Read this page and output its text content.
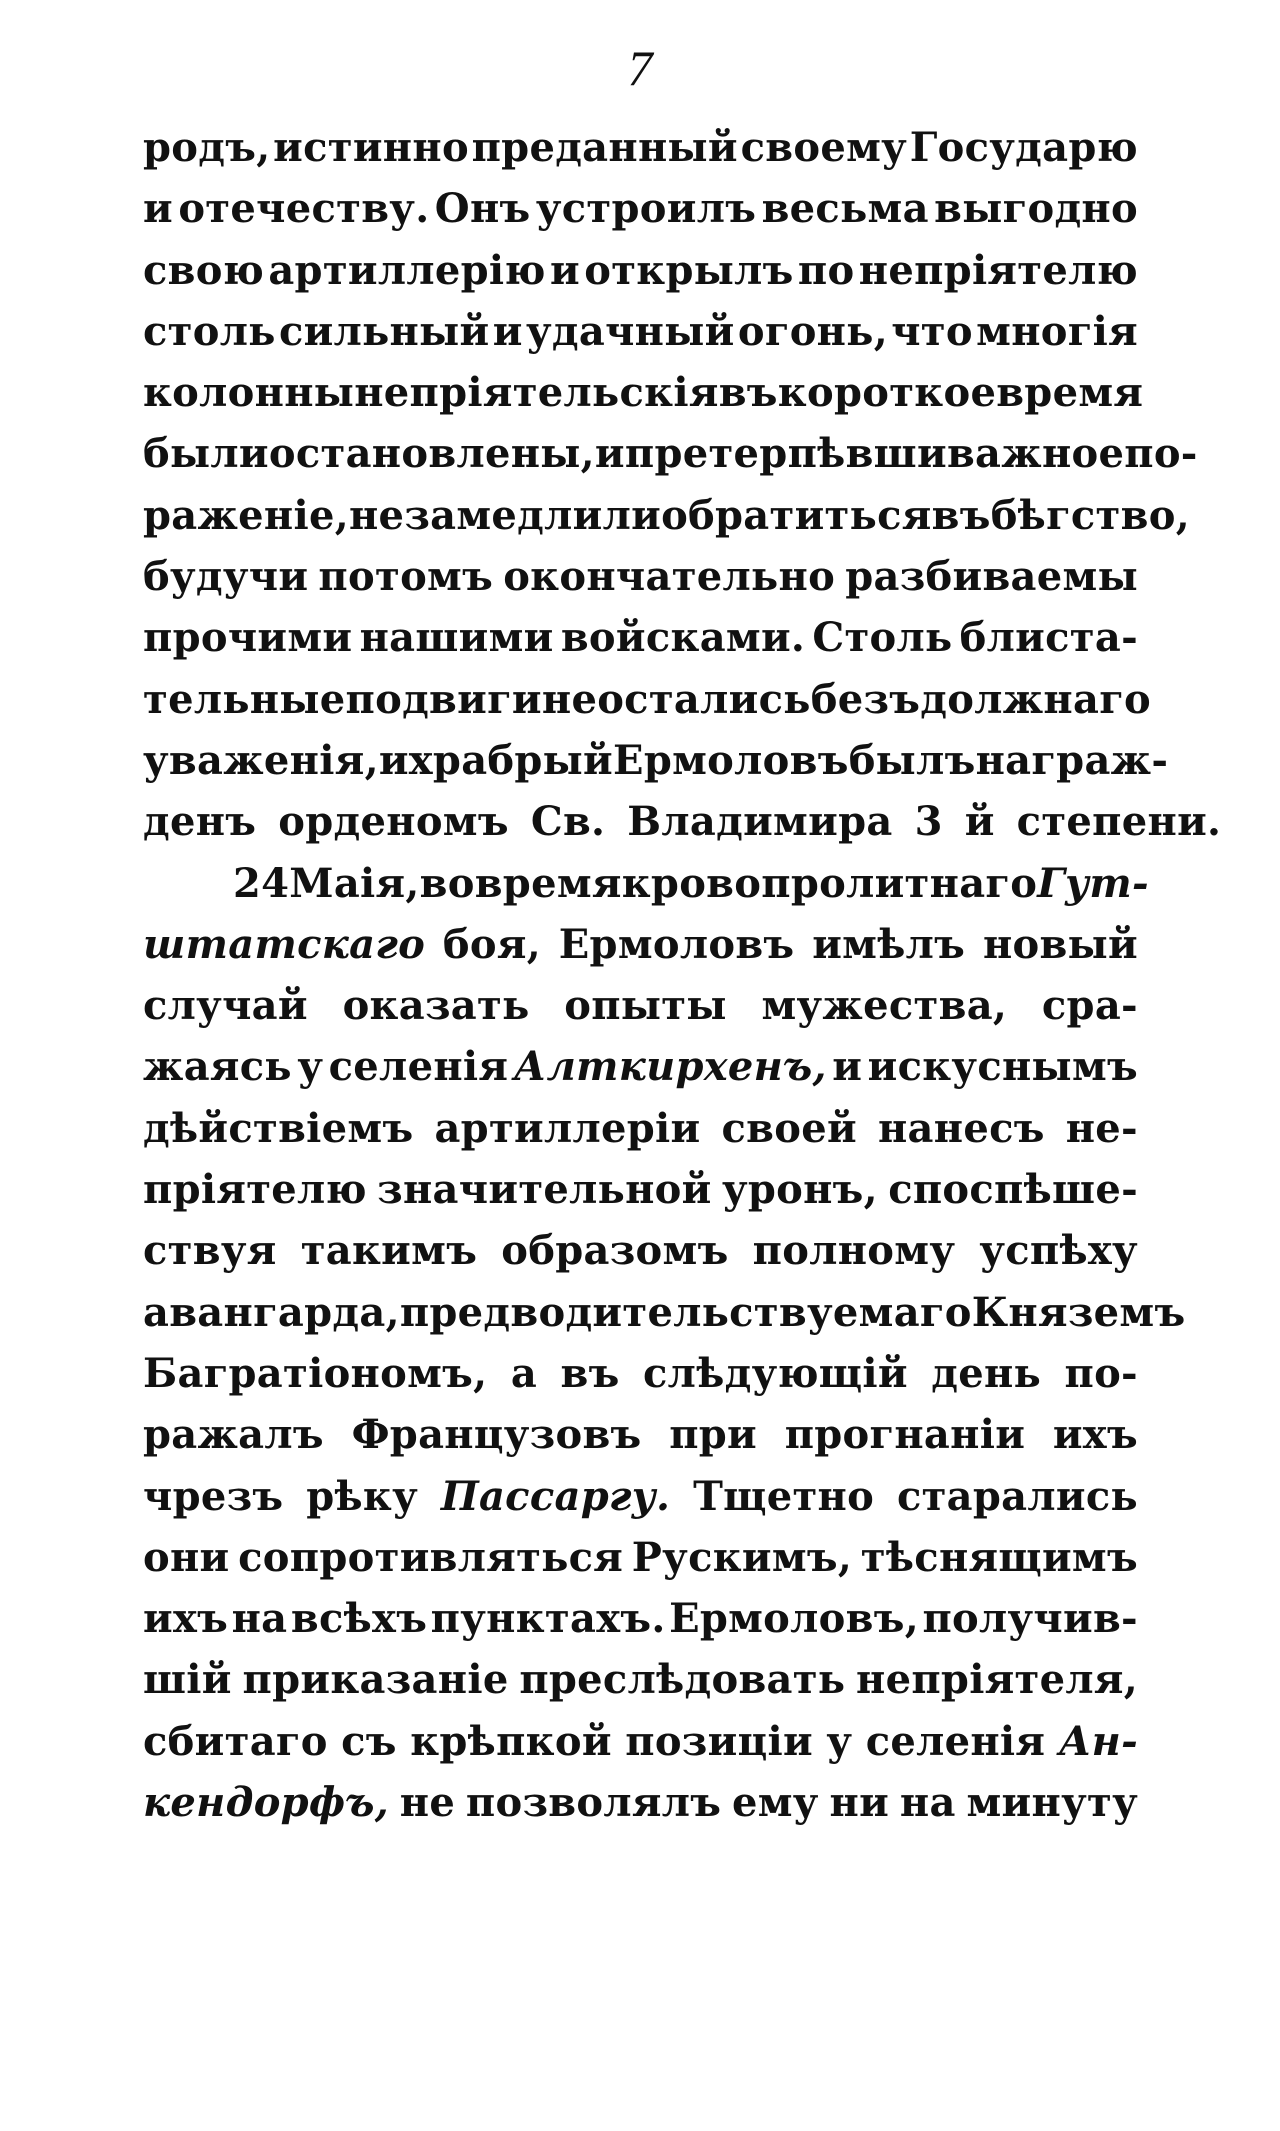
7
родъ, истинно преданный своему Государю
и отечеству. Онъ устроилъ весьма выгодно
свою артиллерію и открылъ по непріятелю
столь сильный и удачный огонь, что многія
колонны непріятельскія въ короткое время
были остановлены, и претерпѣвши важное по-
раженіе, не замедлили обратиться въ бѣгство,
будучи потомъ окончательно разбиваемы
прочими нашими войсками. Столь блиста-
тельные подвиги не остались безъ должнаго
уваженія, и храбрый Ермоловъ былъ награж-
денъ орденомъ Св. Владимира 3 й степени.
24 Маія, во время кровопролитнаго Гут-
штатскаго боя, Ермоловъ имѣлъ новый
случай оказать опыты мужества, сра-
жаясь у селенія Алткирхенъ, и искуснымъ
дѣйствіемъ артиллеріи своей нанесъ не-
пріятелю значительной уронъ, споспѣше-
ствуя такимъ образомъ полному успѣху
авангарда, предводительствуемаго Княземъ
Багратіономъ, а въ слѣдующій день по-
ражалъ Французовъ при прогнаніи ихъ
чрезъ рѣку Пассаргу. Тщетно старались
они сопротивляться Рускимъ, тѣснящимъ
ихъ на всѣхъ пунктахъ. Ермоловъ, получив-
шій приказаніе преслѣдовать непріятеля,
сбитаго съ крѣпкой позиціи у селенія Ан-
кендорфъ, не позволялъ ему ни на минуту
